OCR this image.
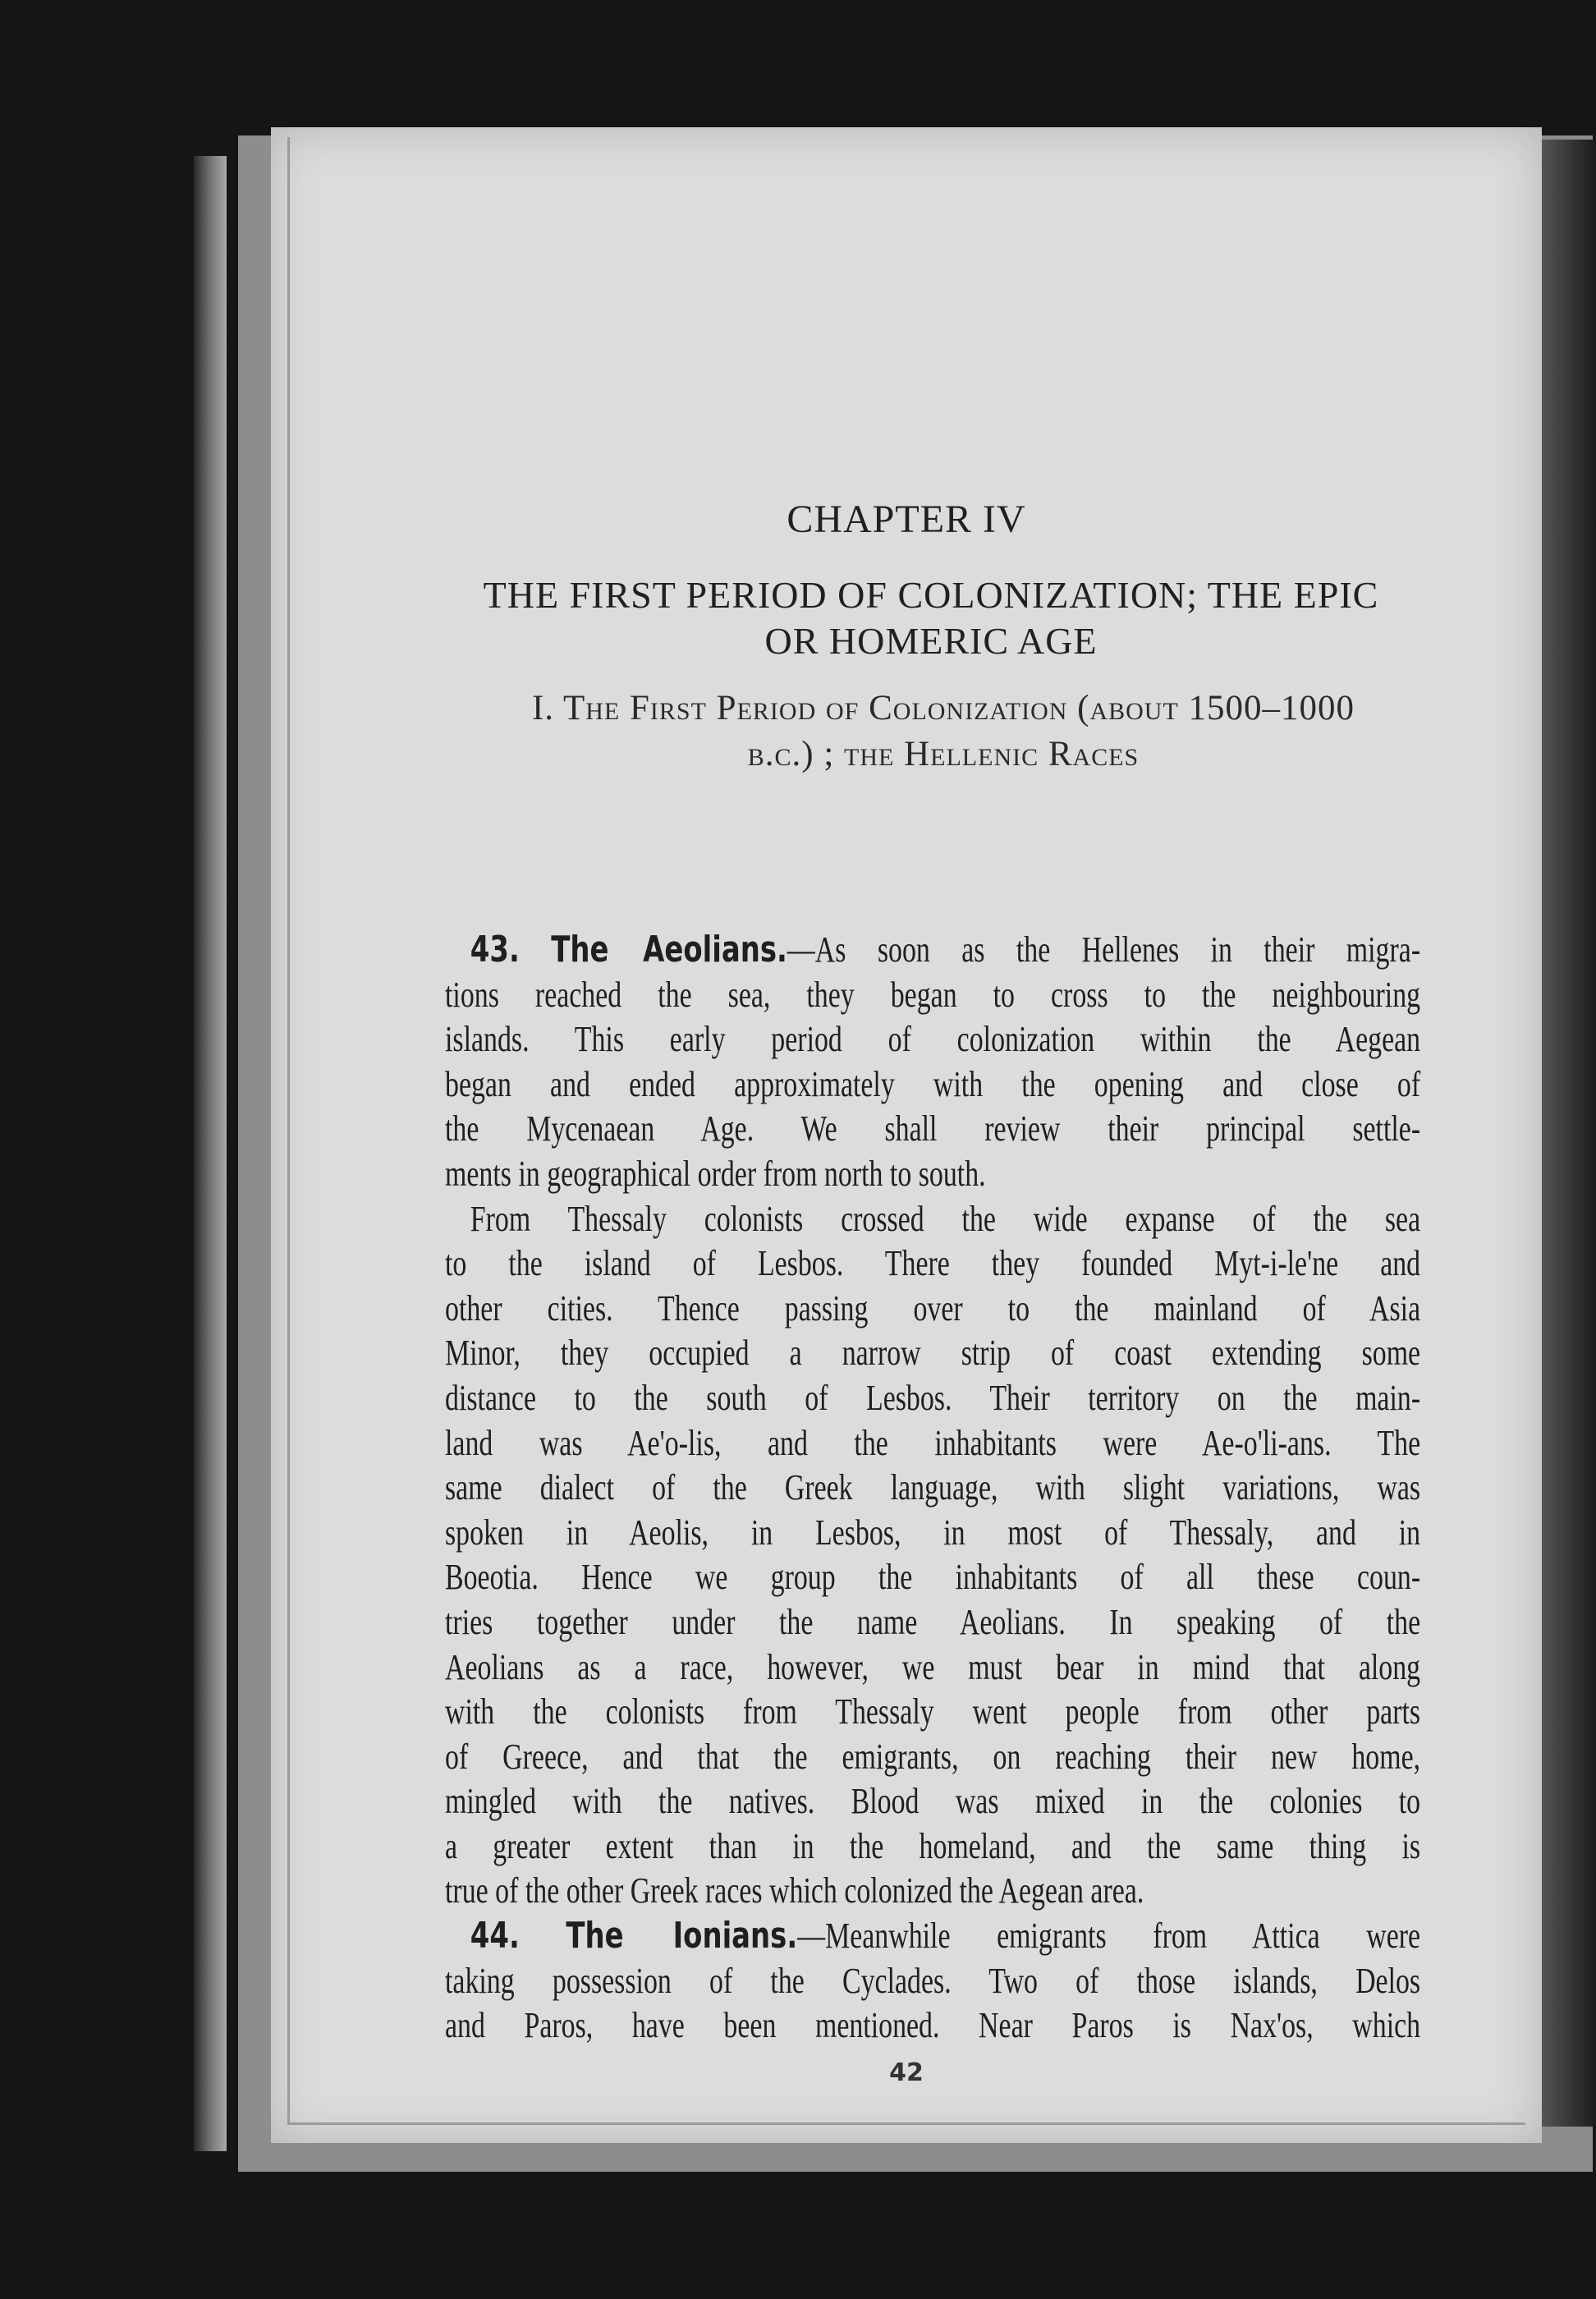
CHAPTER IV
THE FIRST PERIOD OF COLONIZATION; THE EPIC
OR HOMERIC AGE
I. The First Period of Colonization (about 1500–1000
b.c.) ; the Hellenic Races
43. The Aeolians.—As soon as the Hellenes in their migra-
tions reached the sea, they began to cross to the neighbouring
islands. This early period of colonization within the Aegean
began and ended approximately with the opening and close of
the Mycenaean Age. We shall review their principal settle-
ments in geographical order from north to south.
From Thessaly colonists crossed the wide expanse of the sea
to the island of Lesbos. There they founded Myt-i-le'ne and
other cities. Thence passing over to the mainland of Asia
Minor, they occupied a narrow strip of coast extending some
distance to the south of Lesbos. Their territory on the main-
land was Ae'o-lis, and the inhabitants were Ae-o'li-ans. The
same dialect of the Greek language, with slight variations, was
spoken in Aeolis, in Lesbos, in most of Thessaly, and in
Boeotia. Hence we group the inhabitants of all these coun-
tries together under the name Aeolians. In speaking of the
Aeolians as a race, however, we must bear in mind that along
with the colonists from Thessaly went people from other parts
of Greece, and that the emigrants, on reaching their new home,
mingled with the natives. Blood was mixed in the colonies to
a greater extent than in the homeland, and the same thing is
true of the other Greek races which colonized the Aegean area.
44. The Ionians.—Meanwhile emigrants from Attica were
taking possession of the Cyclades. Two of those islands, Delos
and Paros, have been mentioned. Near Paros is Nax'os, which
42
